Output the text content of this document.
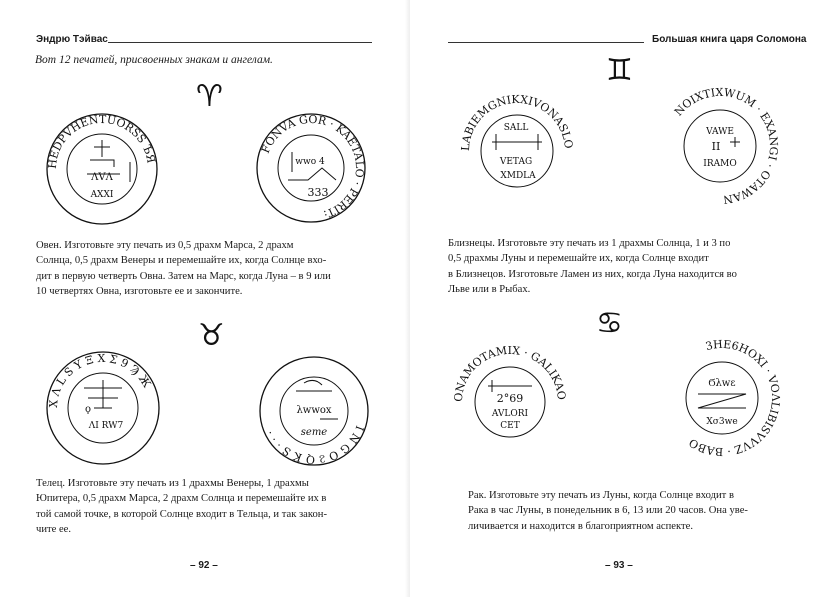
Эндрю Тэйвас
Вот 12 печатей, присвоенных знакам и ангелам.
♈
HEDPVHENTUORSS ЪЯ
ΛVΛ
AXXI
FONVA GOR · KAETALO · PERIT:
wwo 4
333
Овен. Изготовьте эту печать из 0,5 драхм Марса, 2 драхм
Солнца, 0,5 драхм Венеры и перемешайте их, когда Солнце вхо-
дит в первую четверть Овна. Затем на Марс, когда Луна – в 9 или
10 четвертях Овна, изготовьте ее и закончите.
♉
X Λ L S Υ Ξ Χ Σ 9 Ϡ Ж
ϙ
ΛΙ RW7	I N G O Ϩ Q K S · · ·
λwwox
seme
Телец. Изготовьте эту печать из 1 драхмы Венеры, 1 драхмы
Юпитера, 0,5 драхм Марса, 2 драхм Солнца и перемешайте их в
той самой точке, в которой Солнце входит в Тельца, и так закон-
чите ее.
– 92 –
Большая книга царя Соломона
♊
LABIEMGNIKXIVONASLO
SALL
VETAG
XMDLA
NOIXTIXWUM · EXANGI · OTAWAN
VAWE
ΙΙ
IRAMO
Близнецы. Изготовьте эту печать из 1 драхмы Солнца, 1 и 3 по
0,5 драхмы Луны и перемешайте их, когда Солнце входит
в Близнецов. Изготовьте Ламен из них, когда Луна находится во
Льве или в Рыбах.
♋
ONAMOTAMIX · GALIKAO
2°69
AVLORI
CET
3HE6HOXI · VOΛLIBISVVVZ · BABO
Ϭλwε
Xσ3we
Рак. Изготовьте эту печать из Луны, когда Солнце входит в
Рака в час Луны, в понедельник в 6, 13 или 20 часов. Она уве-
личивается и находится в благоприятном аспекте.
– 93 –
